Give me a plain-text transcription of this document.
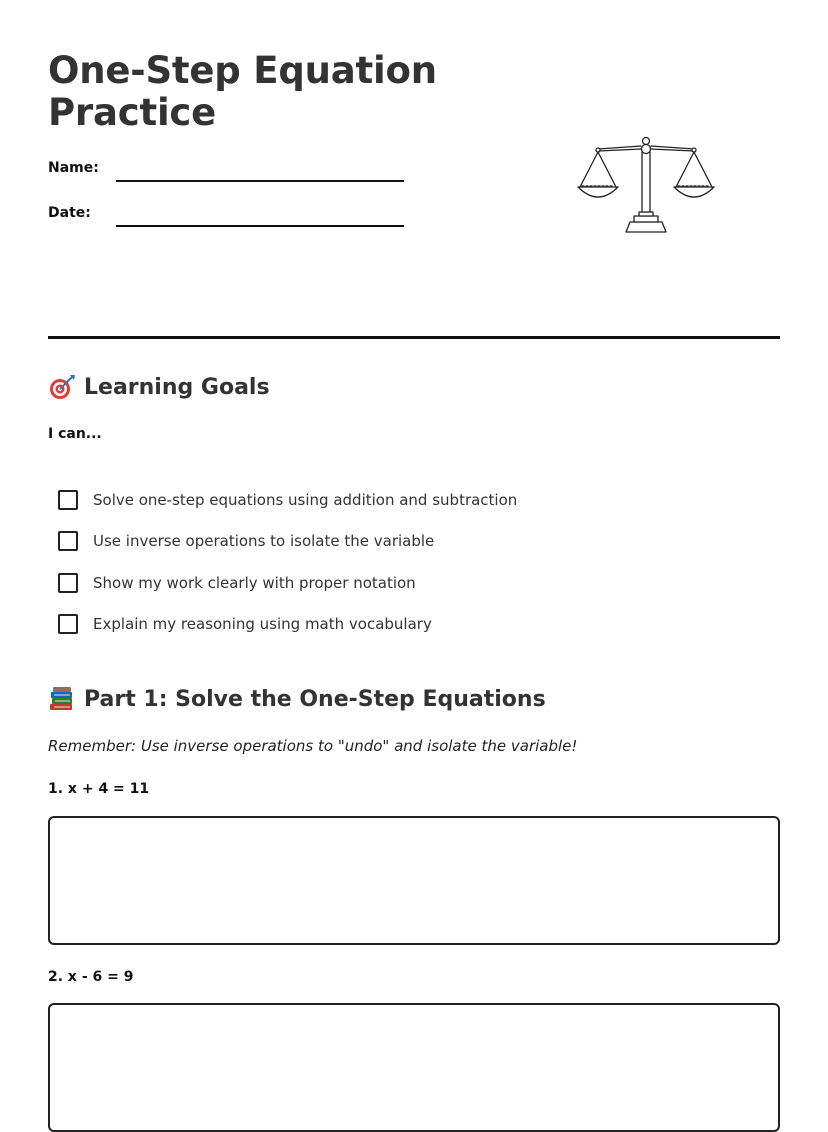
One-Step Equation Practice
Name:
Date:
Learning Goals
I can...
Solve one-step equations using addition and subtraction
Use inverse operations to isolate the variable
Show my work clearly with proper notation
Explain my reasoning using math vocabulary
Part 1: Solve the One-Step Equations
Remember: Use inverse operations to "undo" and isolate the variable!
1. x + 4 = 11
2. x - 6 = 9
